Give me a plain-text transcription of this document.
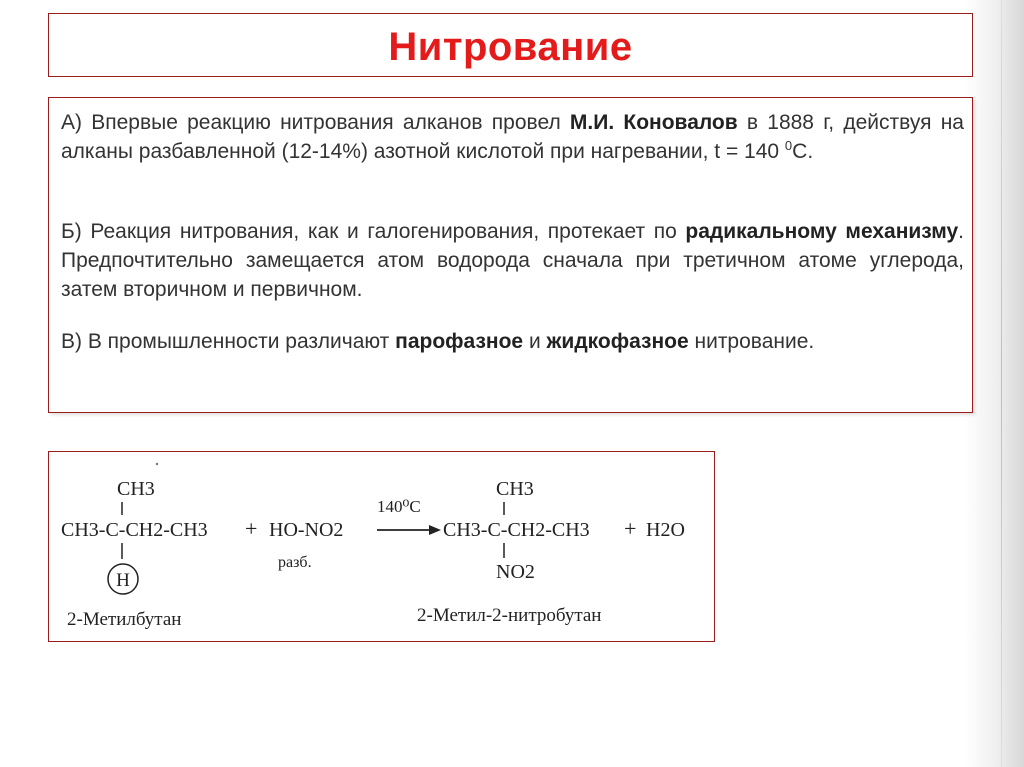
Нитрование

А) Впервые реакцию нитрования алканов провел М.И. Коновалов в 1888 г, действуя на алканы разбавленной (12-14%) азотной кислотой при нагревании, t = 140 $^0$С.

Б) Реакция нитрования, как и галогенирования, протекает по радикальному механизму. Предпочтительно замещается атом водорода сначала при третичном атоме углерода, затем вторичном и первичном.

В) В промышленности различают парофазное и жидкофазное нитрование.

CH3
CH3-C-CH2-CH3
H
+ HO-NO2
разб.
140⁰С
CH3
CH3-C-CH2-CH3
NO2
+ H2O
2-Метилбутан	2-Метил-2-нитробутан
